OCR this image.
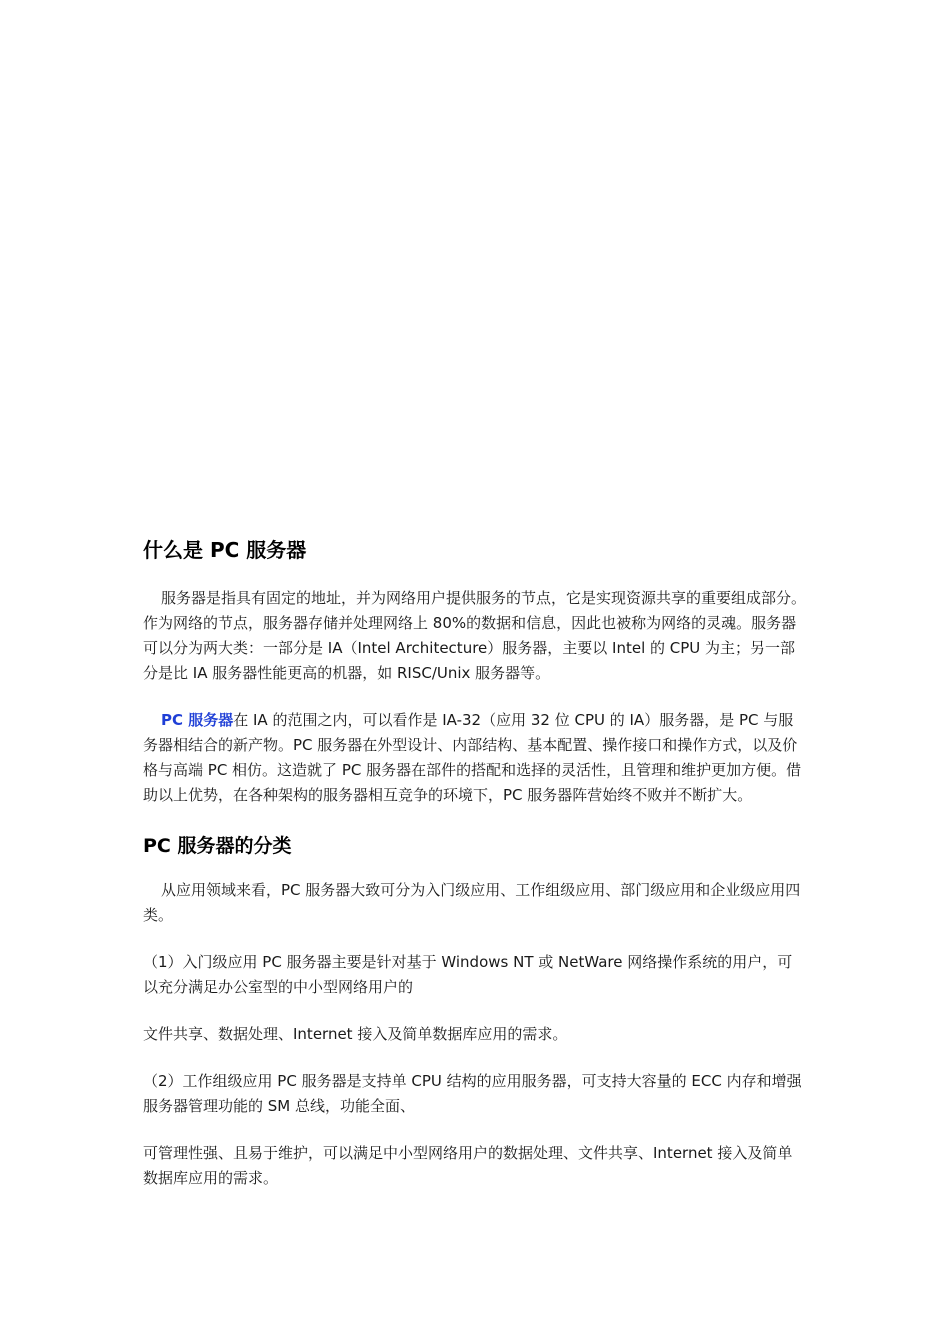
什么是 PC 服务器

服务器是指具有固定的地址，并为网络用户提供服务的节点，它是实现资源共享的重要组成部分。作为网络的节点，服务器存储并处理网络上 80%的数据和信息，因此也被称为网络的灵魂。服务器可以分为两大类：一部分是 IA（Intel Architecture）服务器，主要以 Intel 的 CPU 为主；另一部分是比 IA 服务器性能更高的机器，如 RISC/Unix 服务器等。

PC 服务器在 IA 的范围之内，可以看作是 IA-32（应用 32 位 CPU 的 IA）服务器，是 PC 与服务器相结合的新产物。PC 服务器在外型设计、内部结构、基本配置、操作接口和操作方式，以及价格与高端 PC 相仿。这造就了 PC 服务器在部件的搭配和选择的灵活性，且管理和维护更加方便。借助以上优势，在各种架构的服务器相互竞争的环境下，PC 服务器阵营始终不败并不断扩大。

PC 服务器的分类

从应用领域来看，PC 服务器大致可分为入门级应用、工作组级应用、部门级应用和企业级应用四类。

（1）入门级应用 PC 服务器主要是针对基于 Windows NT 或 NetWare 网络操作系统的用户，可以充分满足办公室型的中小型网络用户的

文件共享、数据处理、Internet 接入及简单数据库应用的需求。

（2）工作组级应用 PC 服务器是支持单 CPU 结构的应用服务器，可支持大容量的 ECC 内存和增强服务器管理功能的 SM 总线，功能全面、

可管理性强、且易于维护，可以满足中小型网络用户的数据处理、文件共享、Internet 接入及简单数据库应用的需求。
